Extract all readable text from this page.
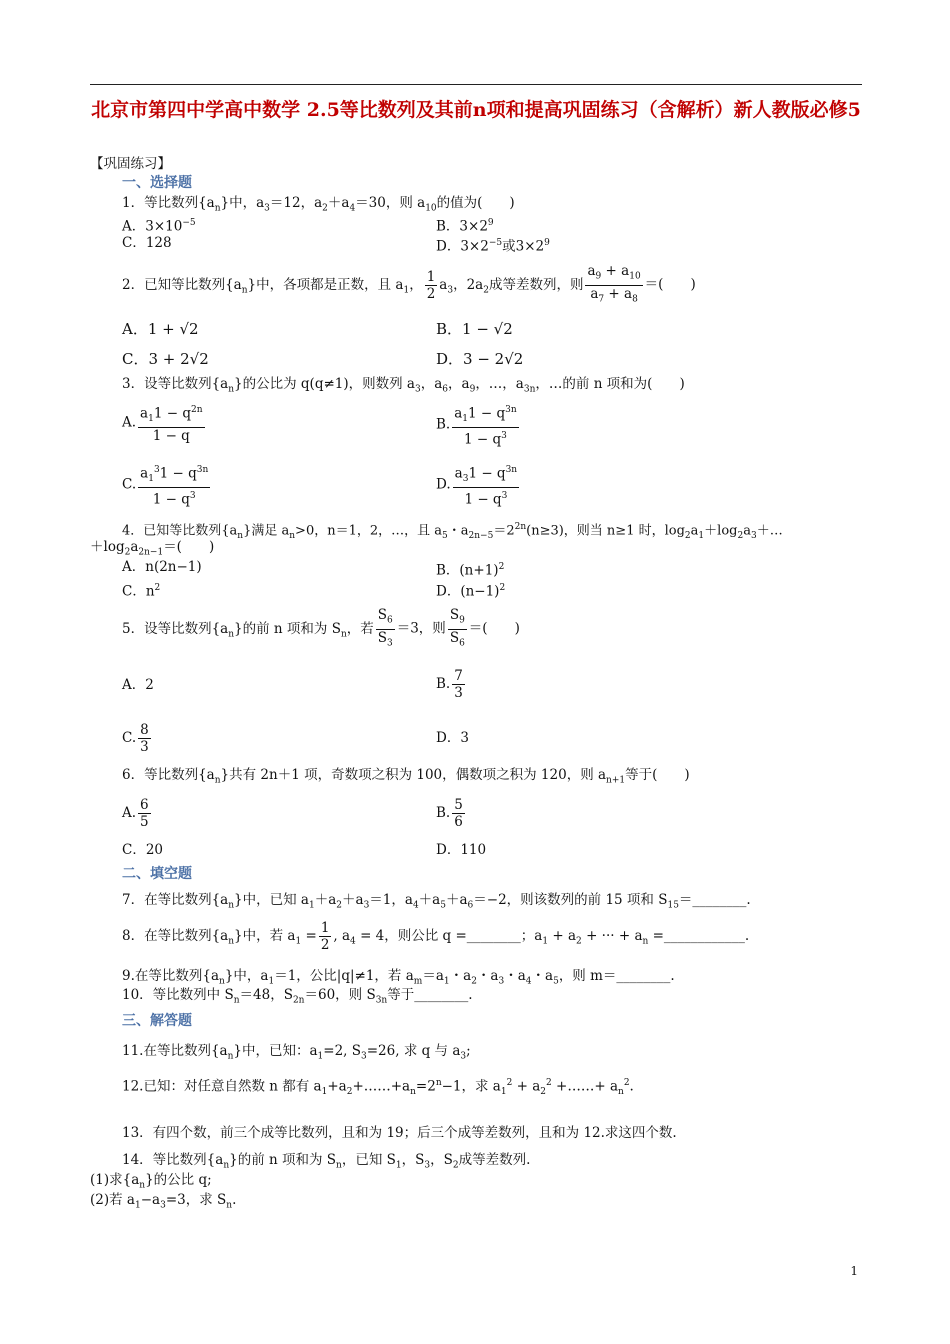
北京市第四中学高中数学 2.5等比数列及其前n项和提高巩固练习（含解析）新人教版必修5
【巩固练习】
一、选择题
1．等比数列$\{a_n\}$中，$a_3=12$，$a_2+a_4=30$，则 $a_{10}$的值为(　　)
A．$3\times 10^{-5}$	B．$3\times 2^9$
C．128	D．$3\times 2^{-5}$或$3\times 2^9$
2．已知等比数列$\{a_n\}$中，各项都是正数，且 $a_1$， $\frac{1}{2} a_3$，$2a_2$成等差数列，则 $\frac{a_9 + a_{10}}{a_7 + a_8}$ ＝(　　)
A．1 + √2	B．1 − √2
C．3 + 2√2	D．3 − 2√2
3．设等比数列$\{a_n\}$的公比为 q(q≠1)，则数列 $a_3$，$a_6$，$a_9$，…，$a_{3n}$，…的前 n 项和为(　　)
A. $\frac{a_11 - q^{2n}}{1 - q}$	B. $\frac{a_11 - q^{3n}}{1 - q^3}$
C. $\frac{a_1^31 - q^{3n}}{1 - q^3}$	D. $\frac{a_31 - q^{3n}}{1 - q^3}$
4．已知等比数列$\{a_n\}$满足 $a_n>0$，n＝1，2，…，且 $a_5$・$a_{2n-5}=2^{2n}(n\ge 3)$，则当 n≥1 时，$\log_2a_1+\log_2a_3+\dots$
$+\log_2a_{2n-1}=$(　　)
A．n(2n−1)	B．$(n+1)^2$
C．$n^2$	D．$(n-1)^2$
5．设等比数列$\{a_n\}$的前 n 项和为 $S_n$，若 $\frac{S_6}{S_3} =3$，则 $\frac{S_9}{S_6}$ ＝(　　)
A．2	B. $\frac{7}{3}$
C. $\frac{8}{3}$	D．3
6．等比数列$\{a_n\}$共有 2n＋1 项，奇数项之积为 100，偶数项之积为 120，则 $a_{n+1}$等于(　　)
A. $\frac{6}{5}$	B. $\frac{5}{6}$
C．20	D．110
二、填空题
7．在等比数列$\{a_n\}$中，已知 $a_1+a_2+a_3=1$，$a_4+a_5+a_6=-2$，则该数列的前 15 项和 $S_{15}=\_\_\_\_\_\_\_\_$.
8．在等比数列$\{a_n\}$中，若 $a_1 = \frac{1}{2}$ , $a_4 = 4$，则公比 q =________；$a_1 + a_2$ + ··· + $a_n$ =____________.
9.在等比数列$\{a_n\}$中，$a_1=1$，公比|q|≠1，若 $a_m=a_1$・$a_2$・$a_3$・$a_4$・$a_5$，则 m＝________.
10．等比数列中 $S_n=48$，$S_{2n}=60$，则 $S_{3n}$等于________.
三、解答题
11.在等比数列$\{a_n\}$中，已知：$a_1=2$, $S_3=26$, 求 q 与 $a_3$;
12.已知：对任意自然数 n 都有 $a_1+a_2+\dots\dots+a_n=2^n-1$，求 $a_1^2 + a_2^2$ +……+ $a_n^2$.
13．有四个数，前三个成等比数列，且和为 19；后三个成等差数列，且和为 12.求这四个数.
14．等比数列$\{a_n\}$的前 n 项和为 $S_n$，已知 $S_1$，$S_3$，$S_2$成等差数列.
(1)求$\{a_n\}$的公比 q;
(2)若 $a_1-a_3=3$，求 $S_n$.
1
